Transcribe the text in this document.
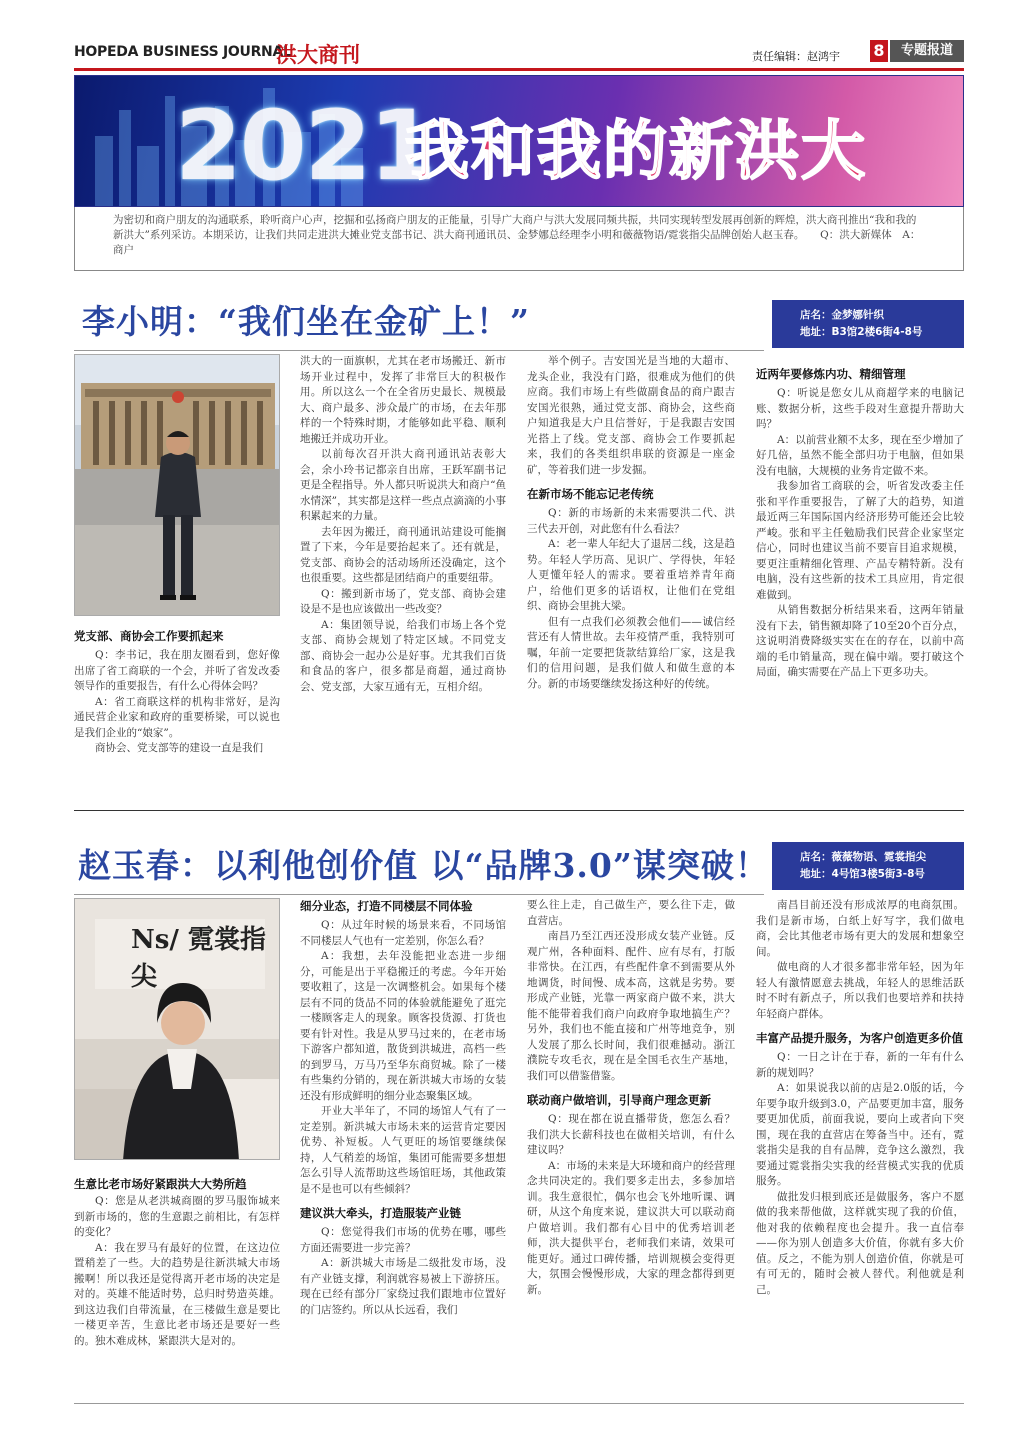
HOPEDA BUSINESS JOURNAL
洪大商刊	责任编辑：赵鸿宇 8	专题报道
2021
我和我的新洪大
为密切和商户朋友的沟通联系，聆听商户心声，挖掘和弘扬商户朋友的正能量，引导广大商户与洪大发展同频共振，共同实现转型发展再创新的辉煌，洪大商刊推出“我和我的新洪大”系列采访。本期采访，让我们共同走进洪大摊业党支部书记、洪大商刊通讯员、金梦娜总经理李小明和薇薇物语/霓裳指尖品牌创始人赵玉春。　　Q：洪大新媒体　A：商户
李小明：“我们坐在金矿上！”	店名：金梦娜针织
地址：B3馆2楼6街4-8号
党支部、商协会工作要抓起来

Q：李书记，我在朋友圈看到，您好像出席了省工商联的一个会，并听了省发改委领导作的重要报告，有什么心得体会吗？

A：省工商联这样的机构非常好，是沟通民营企业家和政府的重要桥梁，可以说也是我们企业的“娘家”。

商协会、党支部等的建设一直是我们

洪大的一面旗帜，尤其在老市场搬迁、新市场开业过程中，发挥了非常巨大的积极作用。所以这么一个在全省历史最长、规模最大、商户最多、涉众最广的市场，在去年那样的一个特殊时期，才能够如此平稳、顺利地搬迁并成功开业。

以前每次召开洪大商刊通讯站表彰大会，余小玲书记都亲自出席，王跃军副书记更是全程指导。外人都只听说洪大和商户“鱼水情深”，其实都是这样一些点点滴滴的小事积累起来的力量。

去年因为搬迁，商刊通讯站建设可能搁置了下来，今年是要抬起来了。还有就是，党支部、商协会的活动场所还没确定，这个也很重要。这些都是团结商户的重要纽带。

Q：搬到新市场了，党支部、商协会建设是不是也应该做出一些改变？

A：集团领导说，给我们市场上各个党支部、商协会规划了特定区域。不同党支部、商协会一起办公是好事。尤其我们百货和食品的客户，很多都是商超，通过商协会、党支部，大家互通有无，互相介绍。

举个例子。吉安国光是当地的大超市、龙头企业，我没有门路，很难成为他们的供应商。我们市场上有些做副食品的商户跟吉安国光很熟，通过党支部、商协会，这些商户知道我是大户且信誉好，于是我跟吉安国光搭上了线。党支部、商协会工作要抓起来，我们的各类组织串联的资源是一座金矿，等着我们进一步发掘。

在新市场不能忘记老传统

Q：新的市场新的未来需要洪二代、洪三代去开创，对此您有什么看法？

A：老一辈人年纪大了退居二线，这是趋势。年轻人学历高、见识广、学得快，年轻人更懂年轻人的需求。要着重培养青年商户，给他们更多的话语权，让他们在党组织、商协会里挑大梁。

但有一点我们必须教会他们——诚信经营还有人情世故。去年疫情严重，我特别可嘱，年前一定要把货款结算给厂家，这是我们的信用问题，是我们做人和做生意的本分。新的市场要继续发扬这种好的传统。

近两年要修炼内功、精细管理

Q：听说是您女儿从商超学来的电脑记账、数据分析，这些手段对生意提升帮助大吗？

A：以前营业额不太多，现在至少增加了好几倍，虽然不能全部归功于电脑，但如果没有电脑，大规模的业务肯定做不来。

我参加省工商联的会，听省发改委主任张和平作重要报告，了解了大的趋势，知道最近两三年国际国内经济形势可能还会比较严峻。张和平主任勉励我们民营企业家坚定信心，同时也建议当前不要盲目追求规模，要更注重精细化管理、产品专精特新。没有电脑，没有这些新的技术工具应用，肯定很难做到。

从销售数据分析结果来看，这两年销量没有下去，销售额却降了10至20个百分点，这说明消费降级实实在在的存在，以前中高端的毛巾销量高，现在偏中端。要打破这个局面，确实需要在产品上下更多功夫。

赵玉春：以利他创价值 以“品牌3.0”谋突破！	店名：薇薇物语、霓裳指尖
地址：4号馆3楼5街3-8号
Ns/ 霓裳指尖
生意比老市场好紧跟洪大大势所趋

Q：您是从老洪城商圈的罗马服饰城来到新市场的，您的生意跟之前相比，有怎样的变化？

A：我在罗马有最好的位置，在这边位置稍差了一些。大的趋势是往新洪城大市场搬啊！所以我还是觉得离开老市场的决定是对的。英雄不能适时势，总归时势造英雄。到这边我们自带流量，在三楼做生意是要比一楼更辛苦，生意比老市场还是要好一些的。独木难成林，紧跟洪大是对的。

细分业态，打造不同楼层不同体验

Q：从过年时候的场景来看，不同场馆不同楼层人气也有一定差别，你怎么看？

A：我想，去年没能把业态进一步细分，可能是出于平稳搬迁的考虑。今年开始要收粗了，这是一次调整机会。如果每个楼层有不同的货品不同的体验就能避免了逛完一楼顾客走人的现象。顾客投货源、打货也要有针对性。我是从罗马过来的，在老市场下游客户都知道，散货到洪城进，高档一些的到罗马，万马乃至华东商贸城。除了一楼有些集约分销的，现在新洪城大市场的女装还没有形成鲜明的细分业态聚集区域。

开业大半年了，不同的场馆人气有了一定差别。新洪城大市场未来的运营肯定要因优势、补短板。人气更旺的场馆要继续保持，人气稍差的场馆，集团可能需要多想想怎么引导人流帮助这些场馆旺场，其他政策是不是也可以有些倾斜？

建议洪大牵头，打造服装产业链

Q：您觉得我们市场的优势在哪，哪些方面还需要进一步完善？

A：新洪城大市场是二级批发市场，没有产业链支撑，利润就容易被上下游挤压。现在已经有部分厂家绕过我们跟地市位置好的门店签约。所以从长远看，我们

要么往上走，自己做生产，要么往下走，做直营店。

南昌乃至江西还没形成女装产业链。反观广州，各种面料、配件、应有尽有，打版非常快。在江西，有些配件拿不到需要从外地调货，时间慢、成本高，这就是劣势。要形成产业链，光靠一两家商户做不来，洪大能不能带着我们商户向政府争取地搞生产？另外，我们也不能直接和广州等地竞争，别人发展了那么长时间，我们很难撼动。浙江濮院专攻毛衣，现在是全国毛衣生产基地，我们可以借鉴借鉴。

联动商户做培训，引导商户理念更新

Q：现在都在说直播带货，您怎么看？我们洪大长薪科技也在做相关培训，有什么建议吗？

A：市场的未来是大环境和商户的经营理念共同决定的。我们要多走出去，多参加培训。我生意很忙，偶尔也会飞外地听课、调研，从这个角度来说，建议洪大可以联动商户做培训。我们都有心目中的优秀培训老师，洪大提供平台，老师我们来请，效果可能更好。通过口碑传播，培训规模会变得更大，氛围会慢慢形成，大家的理念都得到更新。

南昌目前还没有形成浓厚的电商氛围。我们是新市场，白纸上好写字，我们做电商，会比其他老市场有更大的发展和想象空间。

做电商的人才很多都非常年轻，因为年轻人有激情愿意去挑战，年轻人的思维活跃时不时有新点子，所以我们也要培养和扶持年轻商户群体。

丰富产品提升服务，为客户创造更多价值

Q：一日之计在于春，新的一年有什么新的规划吗？

A：如果说我以前的店是2.0版的话，今年要争取升级到3.0，产品要更加丰富，服务要更加优质，前面我说，要向上或者向下突围，现在我的直营店在筹备当中。还有，霓裳指尖是我的自有品牌，竞争这么激烈，我要通过霓裳指尖实我的经营模式实我的优质服务。

做批发归根到底还是做服务，客户不愿做的我来帮他做，这样就实现了我的价值，他对我的依赖程度也会提升。我一直信奉——你为别人创造多大价值，你就有多大价值。反之，不能为别人创造价值，你就是可有可无的，随时会被人替代。利他就是利己。
